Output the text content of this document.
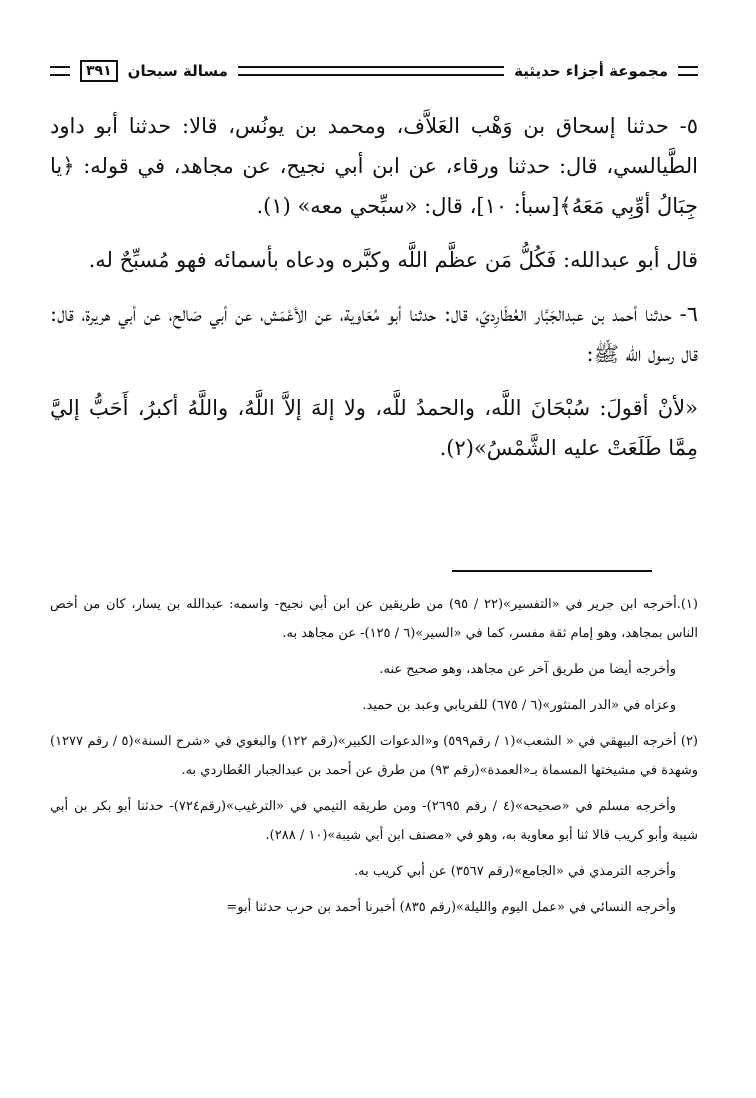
مجموعة أجزاء حديثية
مسالة سبحان
٣٩١

٥- حدثنا إسحاق بن وَهْب العَلاَّف، ومحمد بن يونُس، قالا: حدثنا أبو داود الطَّيالسي، قال: حدثنا ورقاء، عن ابن أبي نجيح، عن مجاهد، في قوله: ﴿يا جِبَالُ أوِّبِي مَعَهُ﴾[سبأ: ١٠]، قال: «سبِّحي معه» (١).

قال أبو عبدالله: فَكُلُّ مَن عظَّم اللَّه وكبَّره ودعاه بأسمائه فهو مُسبِّحٌ له.

٦- حدثنا أحمد بن عبدالجَبَّار العُطَارِديّ، قال: حدثنا أبو مُعَاوية، عن الأعْمَش، عن أبي صَالح، عن أبي هريرة، قال: قال رسول الله ﷺ:

«لأنْ أقولَ: سُبْحَانَ اللَّه، والحمدُ للَّه، ولا إلهَ إلاَّ اللَّهُ، واللَّهُ أكبرُ، أَحَبُّ إليَّ مِمَّا طَلَعَتْ عليه الشَّمْسُ»(٢).

(١).أخرجه ابن جرير في «التفسير»(٢٢ / ٩٥) من طريقين عن ابن أبي نجيح- واسمه: عبدالله بن يسار، كان من أخص الناس بمجاهد، وهو إمام ثقة مفسر، كما في «السير»(٦ / ١٢٥)- عن مجاهد به.

وأخرجه أيضا من طريق آخر عن مجاهد، وهو صحيح عنه.

وعزاه في «الدر المنثور»(٦ / ٦٧٥) للفريابي وعبد بن حميد.

(٢) أخرجه البيهقي في « الشعب»(١ / رقم٥٩٩) و«الدعوات الكبير»(رقم ١٢٢) والبغوي في «شرح السنة»(٥ / رقم ١٢٧٧) وشهدة في مشيختها المسماة بـ«العمدة»(رقم ٩٣) من طرق عن أحمد بن عبدالجبار العُطاردي به.

وأخرجه مسلم في «صحيحه»(٤ / رقم ٢٦٩٥)- ومن طريقه التيمي في «الترغيب»(رقم٧٢٤)- حدثنا أبو بكر بن أبي شيبة وأبو كريب قالا ثنا أبو معاوية به، وهو في «مصنف ابن أبي شيبة»(١٠ / ٢٨٨).

وأخرجه الترمذي في «الجامع»(رقم ٣٥٦٧) عن أبي كريب به.

وأخرجه النسائي في «عمل اليوم والليلة»(رقم ٨٣٥) أخبرنا أحمد بن حرب حدثنا أبو=
